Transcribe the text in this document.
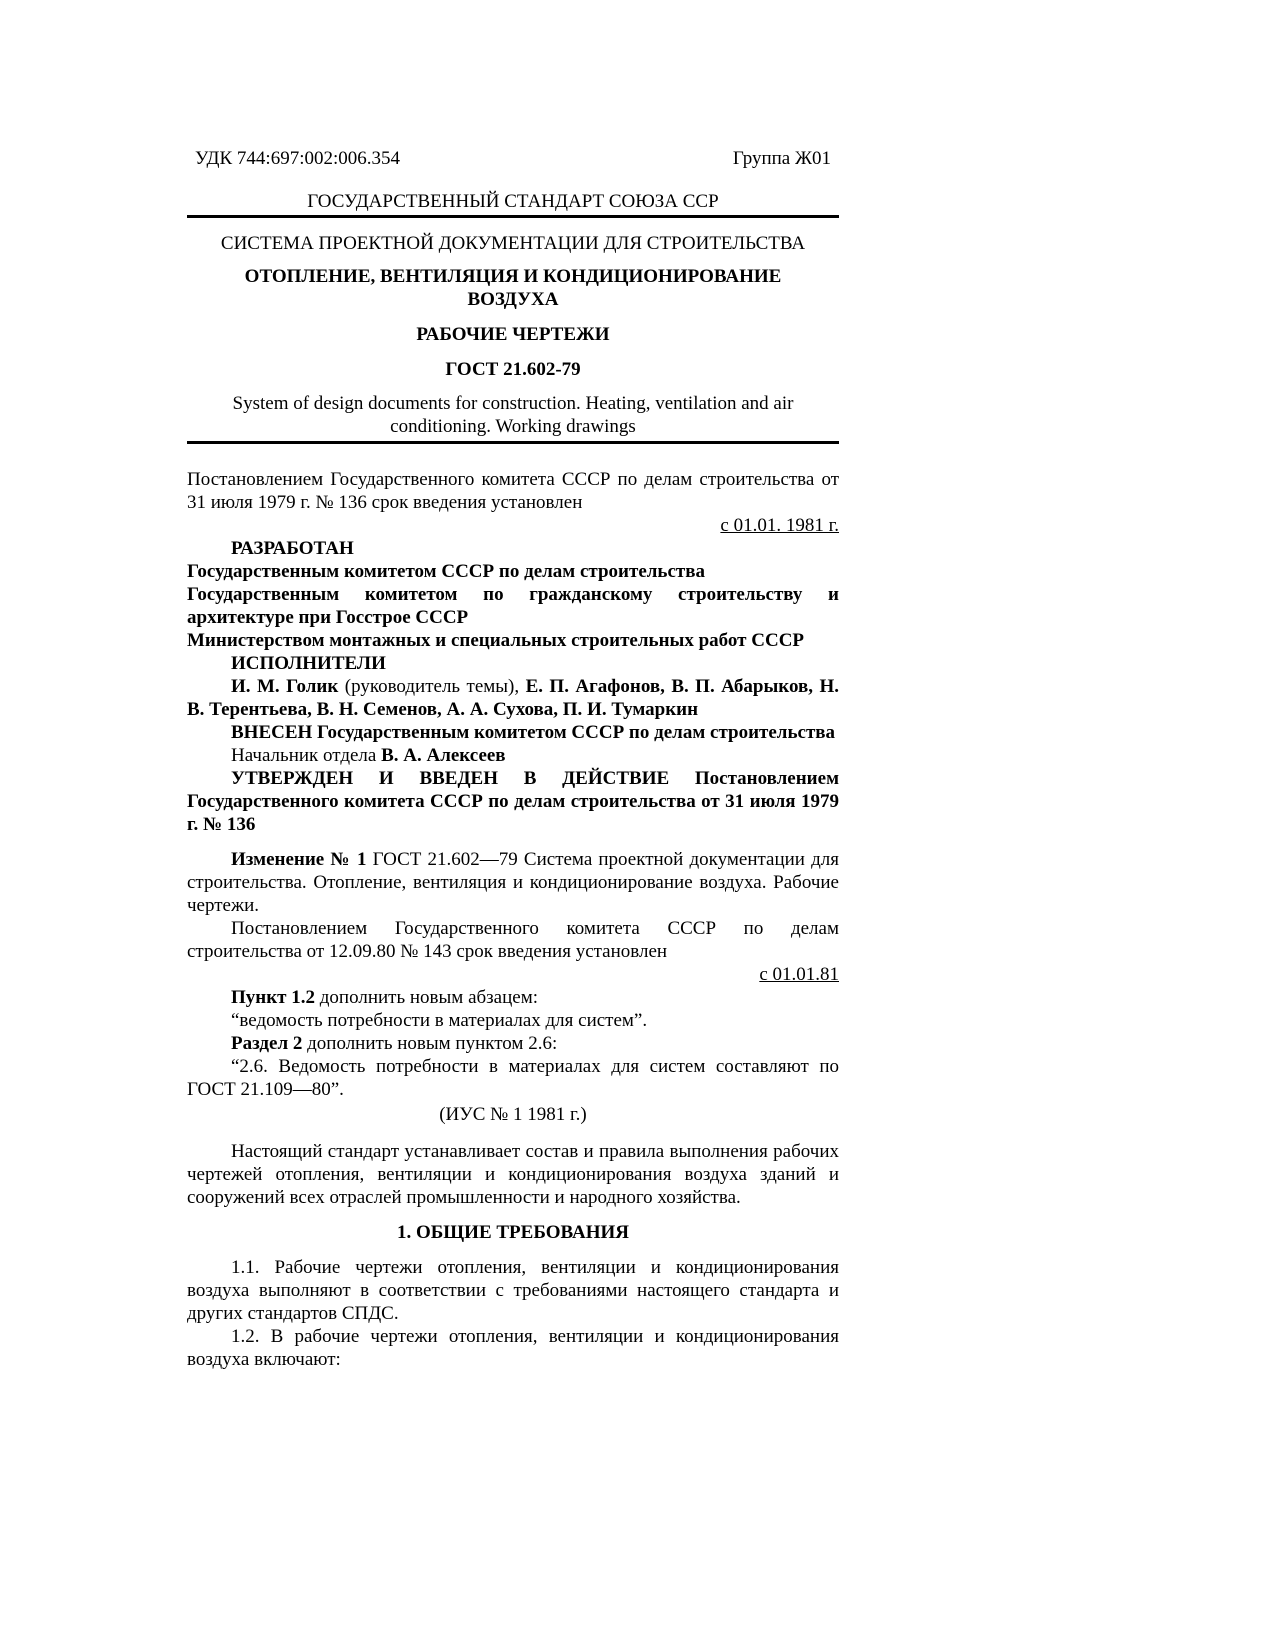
УДК 744:697:002:006.354	Группа Ж01
ГОСУДАРСТВЕННЫЙ СТАНДАРТ СОЮЗА ССР
СИСТЕМА ПРОЕКТНОЙ ДОКУМЕНТАЦИИ ДЛЯ СТРОИТЕЛЬСТВА
ОТОПЛЕНИЕ, ВЕНТИЛЯЦИЯ И КОНДИЦИОНИРОВАНИЕ ВОЗДУХА
РАБОЧИЕ ЧЕРТЕЖИ
ГОСТ 21.602-79
System of design documents for construction. Heating, ventilation and air conditioning. Working drawings

Постановлением Государственного комитета СССР по делам строительства от 31 июля 1979 г. № 136 срок введения установлен

с 01.01. 1981 г.

РАЗРАБОТАН

Государственным комитетом СССР по делам строительства

Государственным комитетом по гражданскому строительству и архитектуре при Госстрое СССР

Министерством монтажных и специальных строительных работ СССР

ИСПОЛНИТЕЛИ

И. М. Голик (руководитель темы), Е. П. Агафонов, В. П. Абарыков, Н. В. Терентьева, В. Н. Семенов, А. А. Сухова, П. И. Тумаркин

ВНЕСЕН Государственным комитетом СССР по делам строительства

Начальник отдела В. А. Алексеев

УТВЕРЖДЕН И ВВЕДЕН В ДЕЙСТВИЕ Постановлением Государственного комитета СССР по делам строительства от 31 июля 1979 г. № 136

Изменение № 1 ГОСТ 21.602—79 Система проектной документации для строительства. Отопление, вентиляция и кондиционирование воздуха. Рабочие чертежи.

Постановлением Государственного комитета СССР по делам строительства от 12.09.80 № 143 срок введения установлен

с 01.01.81

Пункт 1.2 дополнить новым абзацем:

“ведомость потребности в материалах для систем”.

Раздел 2 дополнить новым пунктом 2.6:

“2.6. Ведомость потребности в материалах для систем составляют по ГОСТ 21.109—80”.

(ИУС № 1 1981 г.)

Настоящий стандарт устанавливает состав и правила выполнения рабочих чертежей отопления, вентиляции и кондиционирования воздуха зданий и сооружений всех отраслей промышленности и народного хозяйства.

1. ОБЩИЕ ТРЕБОВАНИЯ

1.1. Рабочие чертежи отопления, вентиляции и кондиционирования воздуха выполняют в соответствии с требованиями настоящего стандарта и других стандартов СПДС.

1.2. В рабочие чертежи отопления, вентиляции и кондиционирования воздуха включают:
